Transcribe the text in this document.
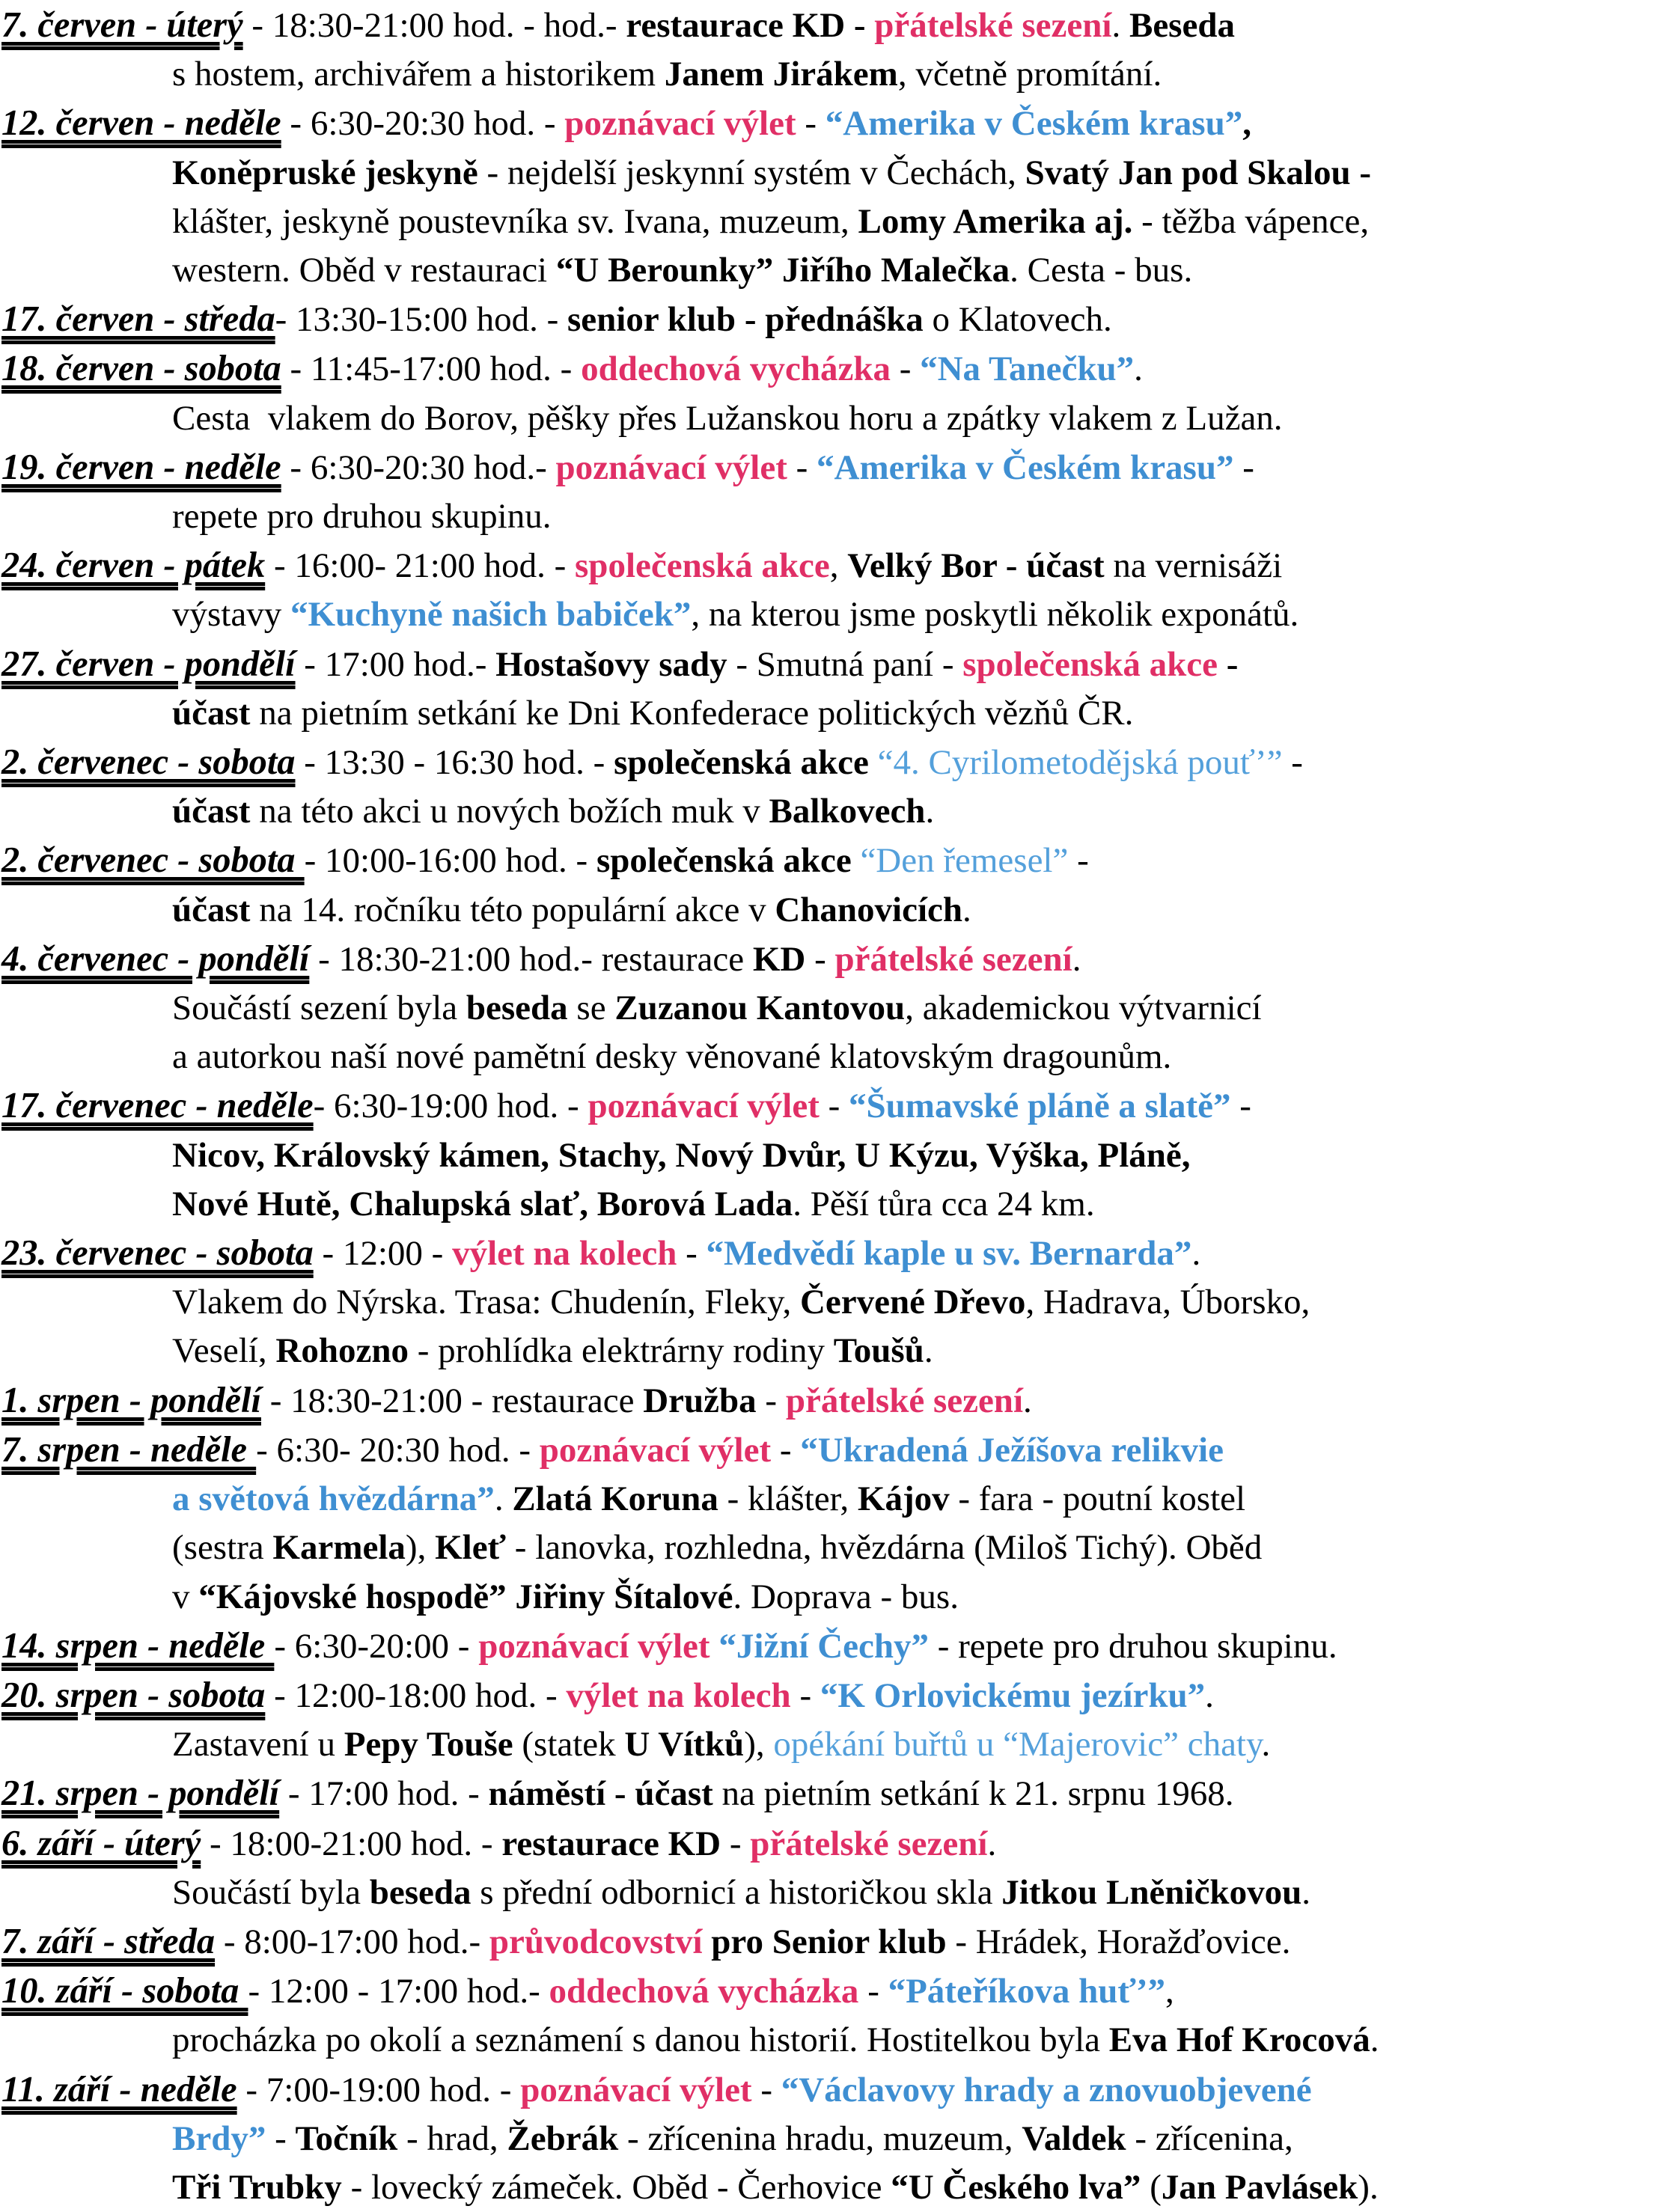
7. červen - úterý - 18:30-21:00 hod. - hod.- restaurace KD - přátelské sezení. Beseda
s hostem, archivářem a historikem Janem Jirákem, včetně promítání.

12. červen - neděle - 6:30-20:30 hod. - poznávací výlet - “Amerika v Českém krasu”,
Koněpruské jeskyně - nejdelší jeskynní systém v Čechách, Svatý Jan pod Skalou -
klášter, jeskyně poustevníka sv. Ivana, muzeum, Lomy Amerika aj. - těžba vápence,
western. Oběd v restauraci “U Berounky” Jiřího Malečka. Cesta - bus.

17. červen - středa- 13:30-15:00 hod. - senior klub - přednáška o Klatovech.

18. červen - sobota - 11:45-17:00 hod. - oddechová vycházka - “Na Tanečku”.
Cesta  vlakem do Borov, pěšky přes Lužanskou horu a zpátky vlakem z Lužan.

19. červen - neděle - 6:30-20:30 hod.- poznávací výlet - “Amerika v Českém krasu” -
repete pro druhou skupinu.

24. červen - pátek - 16:00- 21:00 hod. - společenská akce, Velký Bor - účast na vernisáži
výstavy “Kuchyně našich babiček”, na kterou jsme poskytli několik exponátů.

27. červen - pondělí - 17:00 hod.- Hostašovy sady - Smutná paní - společenská akce -
účast na pietním setkání ke Dni Konfederace politických vězňů ČR.

2. červenec - sobota - 13:30 - 16:30 hod. - společenská akce “4. Cyrilometodějská pouť’” -
účast na této akci u nových božích muk v Balkovech.

2. červenec - sobota - 10:00-16:00 hod. - společenská akce “Den řemesel” -
účast na 14. ročníku této populární akce v Chanovicích.

4. červenec - pondělí - 18:30-21:00 hod.- restaurace KD - přátelské sezení.
Součástí sezení byla beseda se Zuzanou Kantovou, akademickou výtvarnicí
a autorkou naší nové pamětní desky věnované klatovským dragounům.

17. červenec - neděle- 6:30-19:00 hod. - poznávací výlet - “Šumavské pláně a slatě” -
Nicov, Královský kámen, Stachy, Nový Dvůr, U Kýzu, Výška, Pláně,
Nové Hutě, Chalupská slať, Borová Lada. Pěší tůra cca 24 km.

23. červenec - sobota - 12:00 - výlet na kolech - “Medvědí kaple u sv. Bernarda”.
Vlakem do Nýrska. Trasa: Chudenín, Fleky, Červené Dřevo, Hadrava, Úborsko,
Veselí, Rohozno - prohlídka elektrárny rodiny Toušů.

1. srpen - pondělí - 18:30-21:00 - restaurace Družba - přátelské sezení.

7. srpen - neděle - 6:30- 20:30 hod. - poznávací výlet - “Ukradená Ježíšova relikvie
a světová hvězdárna”. Zlatá Koruna - klášter, Kájov - fara - poutní kostel
(sestra Karmela), Kleť - lanovka, rozhledna, hvězdárna (Miloš Tichý). Oběd
v “Kájovské hospodě” Jiřiny Šítalové. Doprava - bus.

14. srpen - neděle - 6:30-20:00 - poznávací výlet “Jižní Čechy” - repete pro druhou skupinu.

20. srpen - sobota - 12:00-18:00 hod. - výlet na kolech - “K Orlovickému jezírku”.
Zastavení u Pepy Touše (statek U Vítků), opékání buřtů u “Majerovic” chaty.

21. srpen - pondělí - 17:00 hod. - náměstí - účast na pietním setkání k 21. srpnu 1968.

6. září - úterý - 18:00-21:00 hod. - restaurace KD - přátelské sezení.
Součástí byla beseda s přední odbornicí a historičkou skla Jitkou Lněničkovou.

7. září - středa - 8:00-17:00 hod.- průvodcovství pro Senior klub - Hrádek, Horažďovice.

10. září - sobota - 12:00 - 17:00 hod.- oddechová vycházka - “Páteříkova huť’”,
procházka po okolí a seznámení s danou historií. Hostitelkou byla Eva Hof Krocová.

11. září - neděle - 7:00-19:00 hod. - poznávací výlet - “Václavovy hrady a znovuobjevené
Brdy” - Točník - hrad, Žebrák - zřícenina hradu, muzeum, Valdek - zřícenina,
Tři Trubky - lovecký zámeček. Oběd - Čerhovice “U Českého lva” (Jan Pavlásek).
